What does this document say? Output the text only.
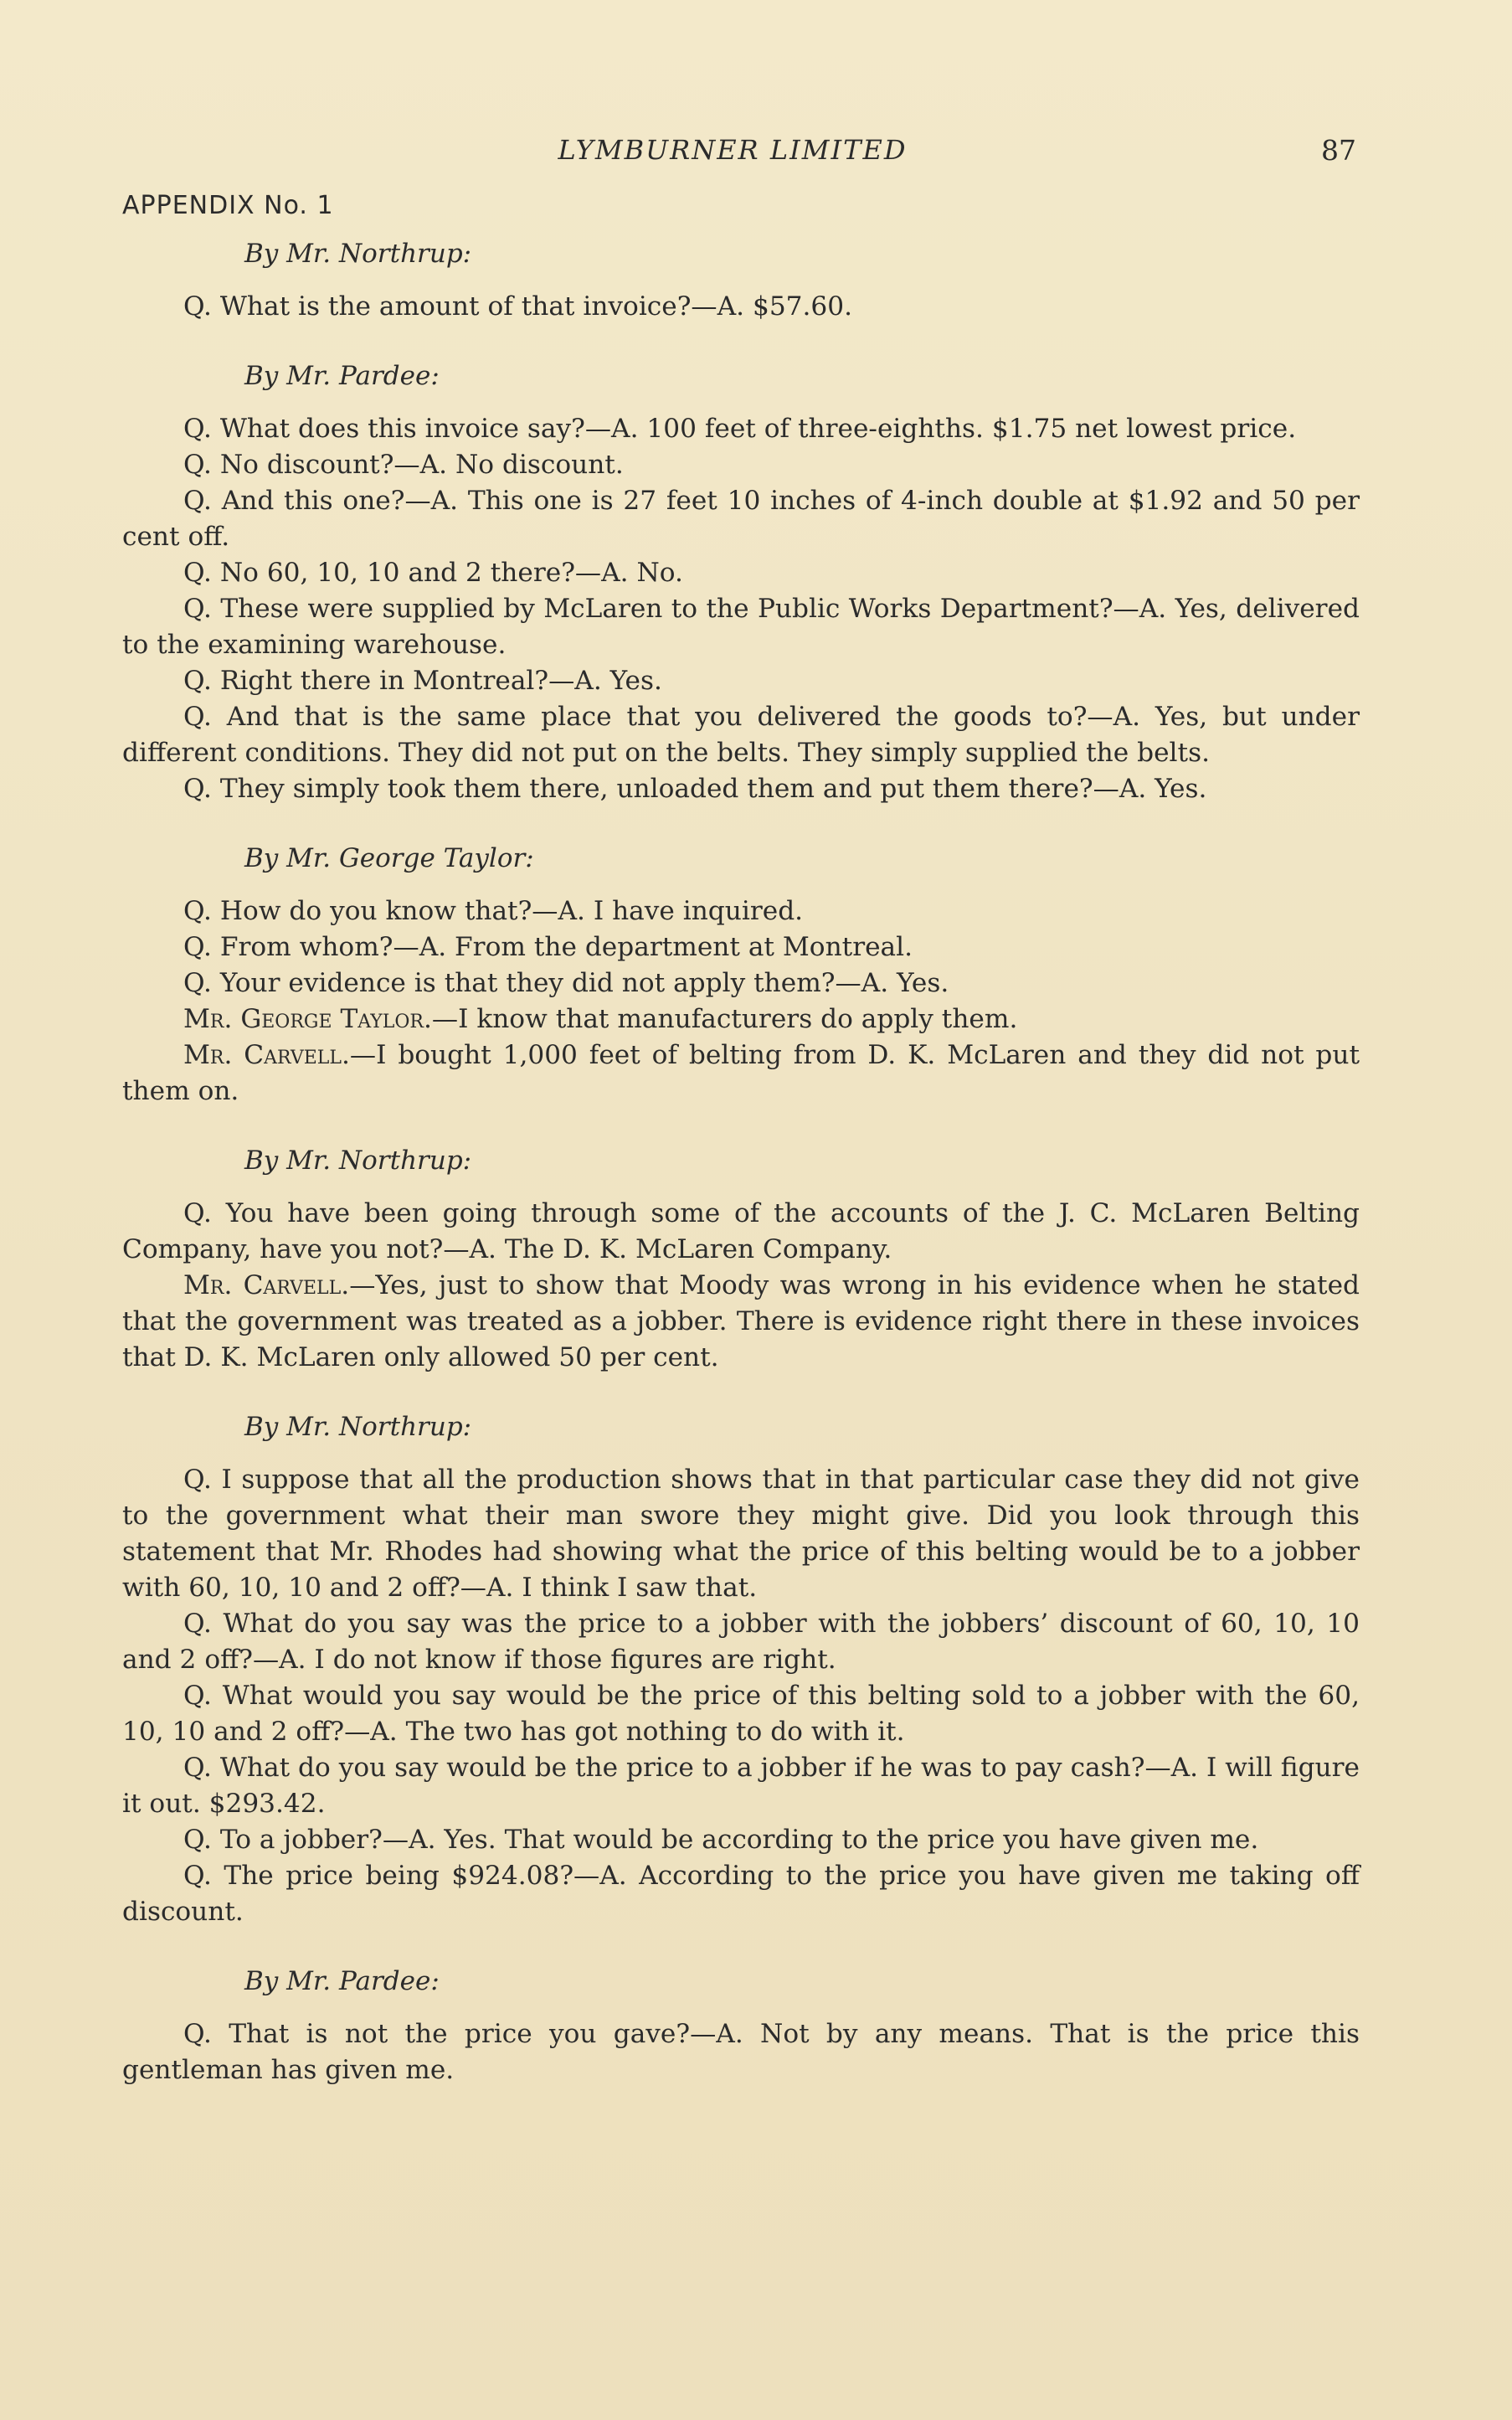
LYMBURNER LIMITED	87
APPENDIX No. 1
By Mr. Northrup:

Q. What is the amount of that invoice?—A. $57.60.

By Mr. Pardee:

Q. What does this invoice say?—A. 100 feet of three-eighths. $1.75 net lowest price.

Q. No discount?—A. No discount.

Q. And this one?—A. This one is 27 feet 10 inches of 4-inch double at $1.92 and 50 per cent off.

Q. No 60, 10, 10 and 2 there?—A. No.

Q. These were supplied by McLaren to the Public Works Department?—A. Yes, delivered to the examining warehouse.

Q. Right there in Montreal?—A. Yes.

Q. And that is the same place that you delivered the goods to?—A. Yes, but under different conditions. They did not put on the belts. They simply supplied the belts.

Q. They simply took them there, unloaded them and put them there?—A. Yes.

By Mr. George Taylor:

Q. How do you know that?—A. I have inquired.

Q. From whom?—A. From the department at Montreal.

Q. Your evidence is that they did not apply them?—A. Yes.

Mr. George Taylor.—I know that manufacturers do apply them.

Mr. Carvell.—I bought 1,000 feet of belting from D. K. McLaren and they did not put them on.

By Mr. Northrup:

Q. You have been going through some of the accounts of the J. C. McLaren Belting Company, have you not?—A. The D. K. McLaren Company.

Mr. Carvell.—Yes, just to show that Moody was wrong in his evidence when he stated that the government was treated as a jobber. There is evidence right there in these invoices that D. K. McLaren only allowed 50 per cent.

By Mr. Northrup:

Q. I suppose that all the production shows that in that particular case they did not give to the government what their man swore they might give. Did you look through this statement that Mr. Rhodes had showing what the price of this belting would be to a jobber with 60, 10, 10 and 2 off?—A. I think I saw that.

Q. What do you say was the price to a jobber with the jobbers’ discount of 60, 10, 10 and 2 off?—A. I do not know if those figures are right.

Q. What would you say would be the price of this belting sold to a jobber with the 60, 10, 10 and 2 off?—A. The two has got nothing to do with it.

Q. What do you say would be the price to a jobber if he was to pay cash?—A. I will figure it out. $293.42.

Q. To a jobber?—A. Yes. That would be according to the price you have given me.

Q. The price being $924.08?—A. According to the price you have given me taking off discount.

By Mr. Pardee:

Q. That is not the price you gave?—A. Not by any means. That is the price this gentleman has given me.
